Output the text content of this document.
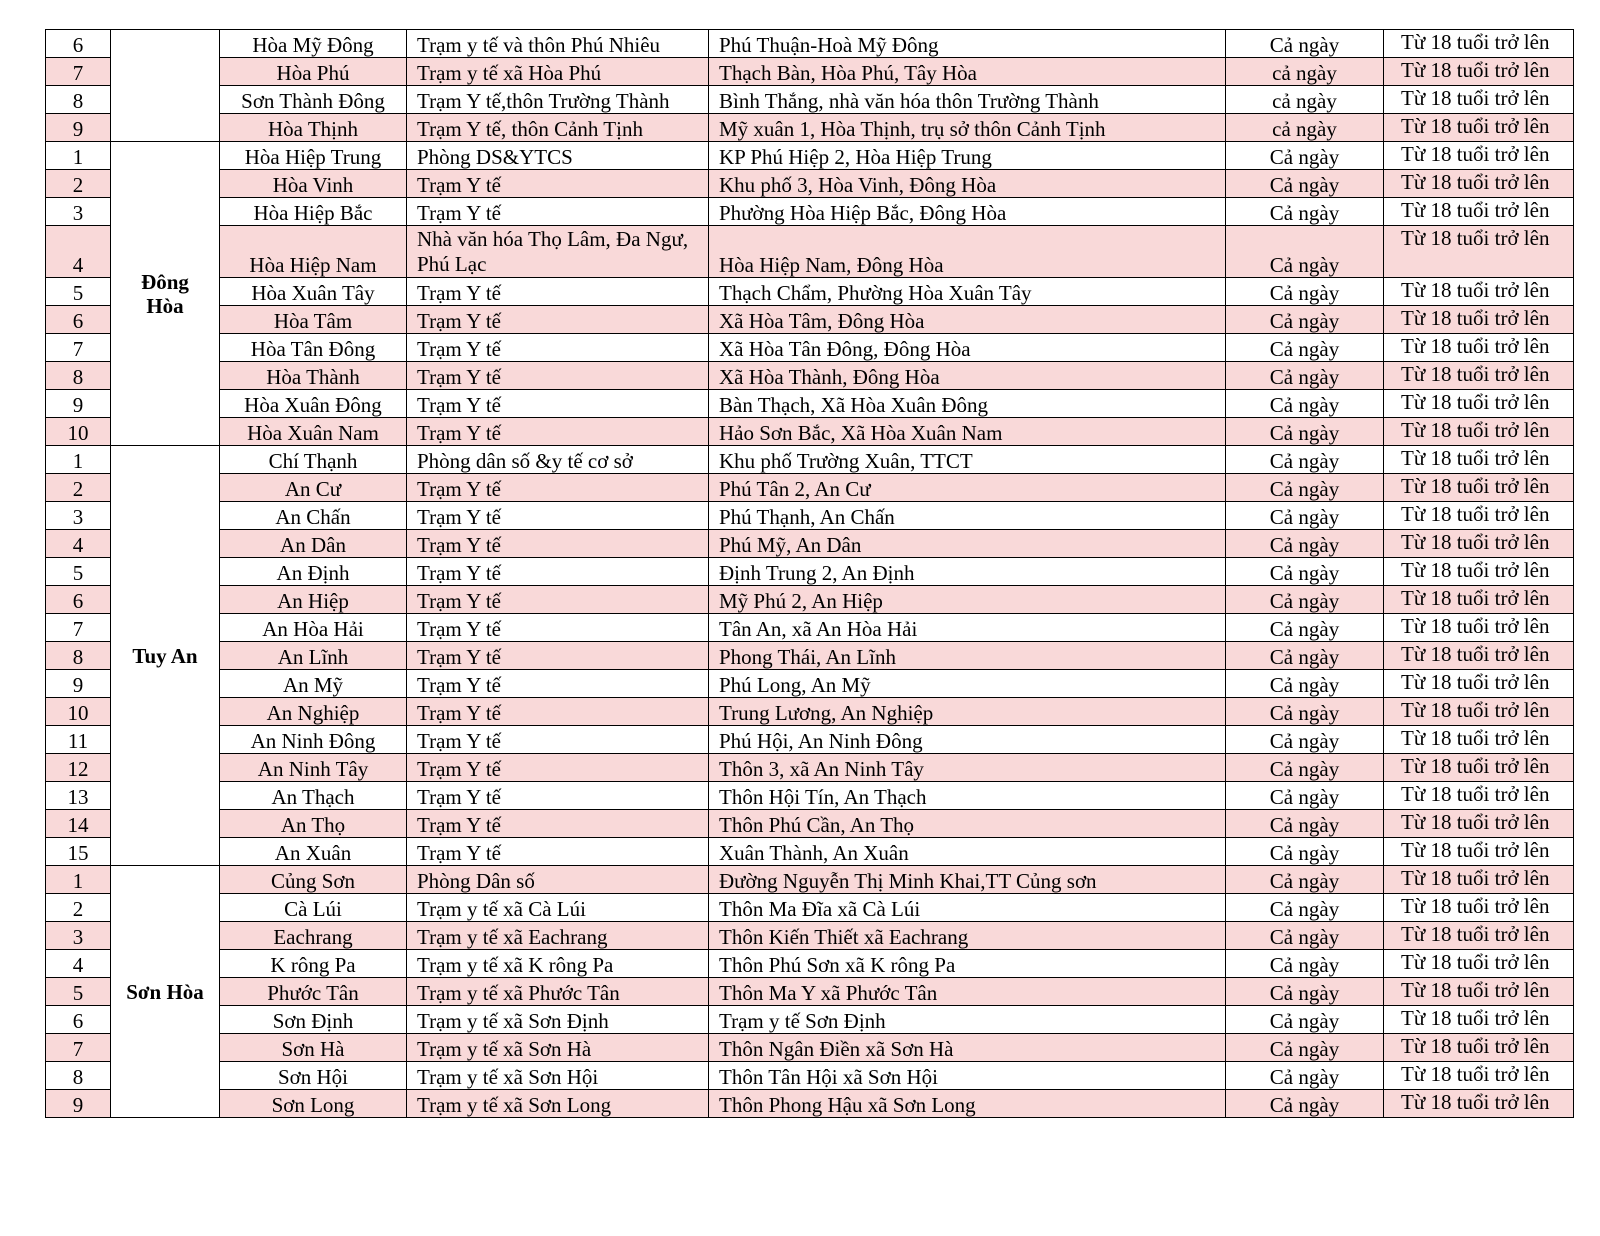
6		Hòa Mỹ Đông	Trạm y tế và thôn Phú Nhiêu	Phú Thuận-Hoà Mỹ Đông	Cả ngày	Từ 18 tuổi trở lên
7		Hòa Phú	Trạm y tế xã Hòa Phú	Thạch Bàn, Hòa Phú, Tây Hòa	cả ngày	Từ 18 tuổi trở lên
8		Sơn Thành Đông	Trạm Y tế,thôn Trường Thành	Bình Thắng, nhà văn hóa thôn Trường Thành	cả ngày	Từ 18 tuổi trở lên
9		Hòa Thịnh	Trạm Y tế, thôn Cảnh Tịnh	Mỹ xuân 1, Hòa Thịnh, trụ sở thôn Cảnh Tịnh	cả ngày	Từ 18 tuổi trở lên
1	Đông Hòa	Hòa Hiệp Trung	Phòng DS&YTCS	KP Phú Hiệp 2, Hòa Hiệp Trung	Cả ngày	Từ 18 tuổi trở lên
2		Hòa Vinh	Trạm Y tế	Khu phố 3, Hòa Vinh, Đông Hòa	Cả ngày	Từ 18 tuổi trở lên
3		Hòa Hiệp Bắc	Trạm Y tế	Phường Hòa Hiệp Bắc, Đông Hòa	Cả ngày	Từ 18 tuổi trở lên
4		Hòa Hiệp Nam	Nhà văn hóa Thọ Lâm, Đa Ngư, Phú Lạc	Hòa Hiệp Nam, Đông Hòa	Cả ngày	Từ 18 tuổi trở lên
5		Hòa Xuân Tây	Trạm Y tế	Thạch Chẩm, Phường Hòa Xuân Tây	Cả ngày	Từ 18 tuổi trở lên
6		Hòa Tâm	Trạm Y tế	Xã Hòa Tâm, Đông Hòa	Cả ngày	Từ 18 tuổi trở lên
7		Hòa Tân Đông	Trạm Y tế	Xã Hòa Tân Đông, Đông Hòa	Cả ngày	Từ 18 tuổi trở lên
8		Hòa Thành	Trạm Y tế	Xã Hòa Thành, Đông Hòa	Cả ngày	Từ 18 tuổi trở lên
9		Hòa Xuân Đông	Trạm Y tế	Bàn Thạch, Xã Hòa Xuân Đông	Cả ngày	Từ 18 tuổi trở lên
10		Hòa Xuân Nam	Trạm Y tế	Hảo Sơn Bắc, Xã Hòa Xuân Nam	Cả ngày	Từ 18 tuổi trở lên
1	Tuy An	Chí Thạnh	Phòng dân số &y tế cơ sở	Khu phố Trường Xuân, TTCT	Cả ngày	Từ 18 tuổi trở lên
2		An Cư	Trạm Y tế	Phú Tân 2, An Cư	Cả ngày	Từ 18 tuổi trở lên
3		An Chấn	Trạm Y tế	Phú Thạnh, An Chấn	Cả ngày	Từ 18 tuổi trở lên
4		An Dân	Trạm Y tế	Phú Mỹ, An Dân	Cả ngày	Từ 18 tuổi trở lên
5		An Định	Trạm Y tế	Định Trung 2, An Định	Cả ngày	Từ 18 tuổi trở lên
6		An Hiệp	Trạm Y tế	Mỹ Phú 2, An Hiệp	Cả ngày	Từ 18 tuổi trở lên
7		An Hòa Hải	Trạm Y tế	Tân An, xã An Hòa Hải	Cả ngày	Từ 18 tuổi trở lên
8		An Lĩnh	Trạm Y tế	Phong Thái, An Lĩnh	Cả ngày	Từ 18 tuổi trở lên
9		An Mỹ	Trạm Y tế	Phú Long, An Mỹ	Cả ngày	Từ 18 tuổi trở lên
10		An Nghiệp	Trạm Y tế	Trung Lương, An Nghiệp	Cả ngày	Từ 18 tuổi trở lên
11		An Ninh Đông	Trạm Y tế	Phú Hội, An Ninh Đông	Cả ngày	Từ 18 tuổi trở lên
12		An Ninh Tây	Trạm Y tế	Thôn 3, xã An Ninh Tây	Cả ngày	Từ 18 tuổi trở lên
13		An Thạch	Trạm Y tế	Thôn Hội Tín, An Thạch	Cả ngày	Từ 18 tuổi trở lên
14		An Thọ	Trạm Y tế	Thôn Phú Cần, An Thọ	Cả ngày	Từ 18 tuổi trở lên
15		An Xuân	Trạm Y tế	Xuân Thành, An Xuân	Cả ngày	Từ 18 tuổi trở lên
1	Sơn Hòa	Củng Sơn	Phòng Dân số	Đường Nguyễn Thị Minh Khai,TT Củng sơn	Cả ngày	Từ 18 tuổi trở lên
2		Cà Lúi	Trạm y tế xã Cà Lúi	Thôn Ma Đĩa xã Cà Lúi	Cả ngày	Từ 18 tuổi trở lên
3		Eachrang	Trạm y tế xã Eachrang	Thôn Kiến Thiết xã Eachrang	Cả ngày	Từ 18 tuổi trở lên
4		K rông Pa	Trạm y tế xã K rông Pa	Thôn Phú Sơn xã K rông Pa	Cả ngày	Từ 18 tuổi trở lên
5		Phước Tân	Trạm y tế xã Phước Tân	Thôn Ma Y xã Phước Tân	Cả ngày	Từ 18 tuổi trở lên
6		Sơn Định	Trạm y tế xã Sơn Định	Trạm y tế Sơn Định	Cả ngày	Từ 18 tuổi trở lên
7		Sơn Hà	Trạm y tế xã Sơn Hà	Thôn Ngân Điền xã Sơn Hà	Cả ngày	Từ 18 tuổi trở lên
8		Sơn Hội	Trạm y tế xã Sơn Hội	Thôn Tân Hội xã Sơn Hội	Cả ngày	Từ 18 tuổi trở lên
9		Sơn Long	Trạm y tế xã Sơn Long	Thôn Phong Hậu xã Sơn Long	Cả ngày	Từ 18 tuổi trở lên
